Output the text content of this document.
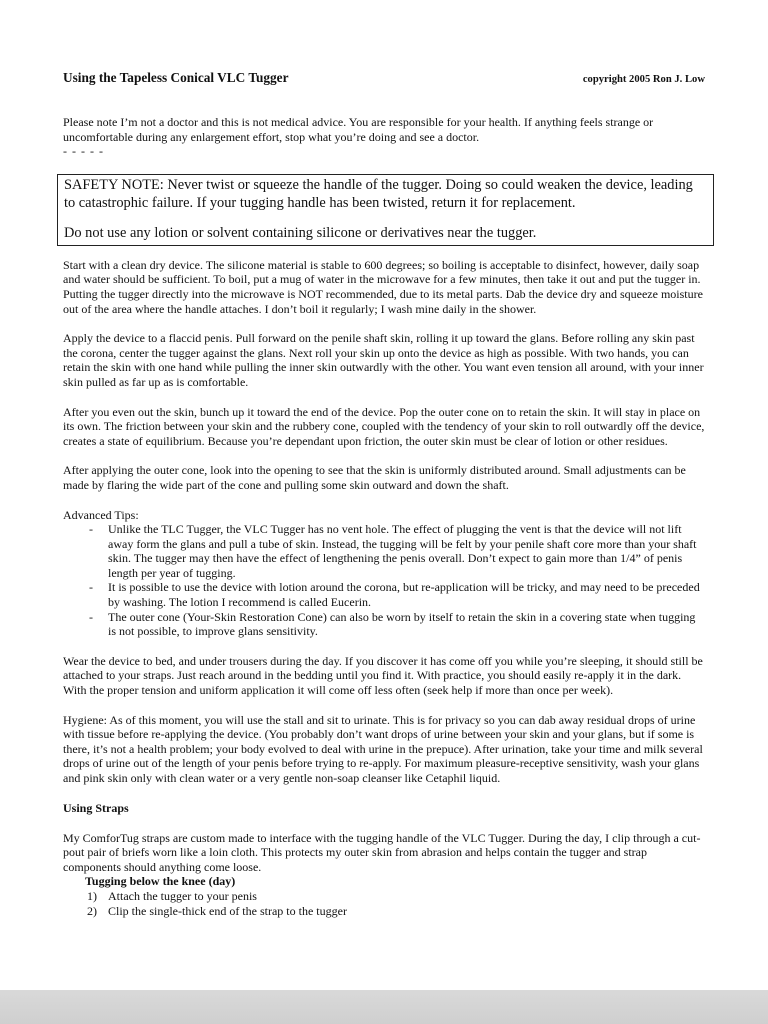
Using the Tapeless Conical VLC Tugger	copyright 2005 Ron J. Low

Please note I’m not a doctor and this is not medical advice. You are responsible for your health. If anything feels strange or uncomfortable during any enlargement effort, stop what you’re doing and see a doctor.
- - - - -

SAFETY NOTE: Never twist or squeeze the handle of the tugger. Doing so could weaken the device, leading to catastrophic failure. If your tugging handle has been twisted, return it for replacement.

Do not use any lotion or solvent containing silicone or derivatives near the tugger.

Start with a clean dry device. The silicone material is stable to 600 degrees; so boiling is acceptable to disinfect, however, daily soap and water should be sufficient. To boil, put a mug of water in the microwave for a few minutes, then take it out and put the tugger in. Putting the tugger directly into the microwave is NOT recommended, due to its metal parts. Dab the device dry and squeeze moisture out of the area where the handle attaches. I don’t boil it regularly; I wash mine daily in the shower.

Apply the device to a flaccid penis. Pull forward on the penile shaft skin, rolling it up toward the glans. Before rolling any skin past the corona, center the tugger against the glans. Next roll your skin up onto the device as high as possible. With two hands, you can retain the skin with one hand while pulling the inner skin outwardly with the other. You want even tension all around, with your inner skin pulled as far up as is comfortable.

After you even out the skin, bunch up it toward the end of the device. Pop the outer cone on to retain the skin. It will stay in place on its own. The friction between your skin and the rubbery cone, coupled with the tendency of your skin to roll outwardly off the device, creates a state of equilibrium. Because you’re dependant upon friction, the outer skin must be clear of lotion or other residues.

After applying the outer cone, look into the opening to see that the skin is uniformly distributed around. Small adjustments can be made by flaring the wide part of the cone and pulling some skin outward and down the shaft.

Advanced Tips:

- Unlike the TLC Tugger, the VLC Tugger has no vent hole. The effect of plugging the vent is that the device will not lift away form the glans and pull a tube of skin. Instead, the tugging will be felt by your penile shaft core more than your shaft skin. The tugger may then have the effect of lengthening the penis overall. Don’t expect to gain more than 1/4” of penis length per year of tugging.
- It is possible to use the device with lotion around the corona, but re-application will be tricky, and may need to be preceded by washing. The lotion I recommend is called Eucerin.
- The outer cone (Your-Skin Restoration Cone) can also be worn by itself to retain the skin in a covering state when tugging is not possible, to improve glans sensitivity.

Wear the device to bed, and under trousers during the day. If you discover it has come off you while you’re sleeping, it should still be attached to your straps. Just reach around in the bedding until you find it. With practice, you should easily re-apply it in the dark. With the proper tension and uniform application it will come off less often (seek help if more than once per week).

Hygiene: As of this moment, you will use the stall and sit to urinate. This is for privacy so you can dab away residual drops of urine with tissue before re-applying the device. (You probably don’t want drops of urine between your skin and your glans, but if some is there, it’s not a health problem; your body evolved to deal with urine in the prepuce). After urination, take your time and milk several drops of urine out of the length of your penis before trying to re-apply. For maximum pleasure-receptive sensitivity, wash your glans and pink skin only with clean water or a very gentle non-soap cleanser like Cetaphil liquid.

Using Straps

My ComforTug straps are custom made to interface with the tugging handle of the VLC Tugger. During the day, I clip through a cut-pout pair of briefs worn like a loin cloth. This protects my outer skin from abrasion and helps contain the tugger and strap components should anything come loose.

Tugging below the knee (day)

1) Attach the tugger to your penis
2) Clip the single-thick end of the strap to the tugger
